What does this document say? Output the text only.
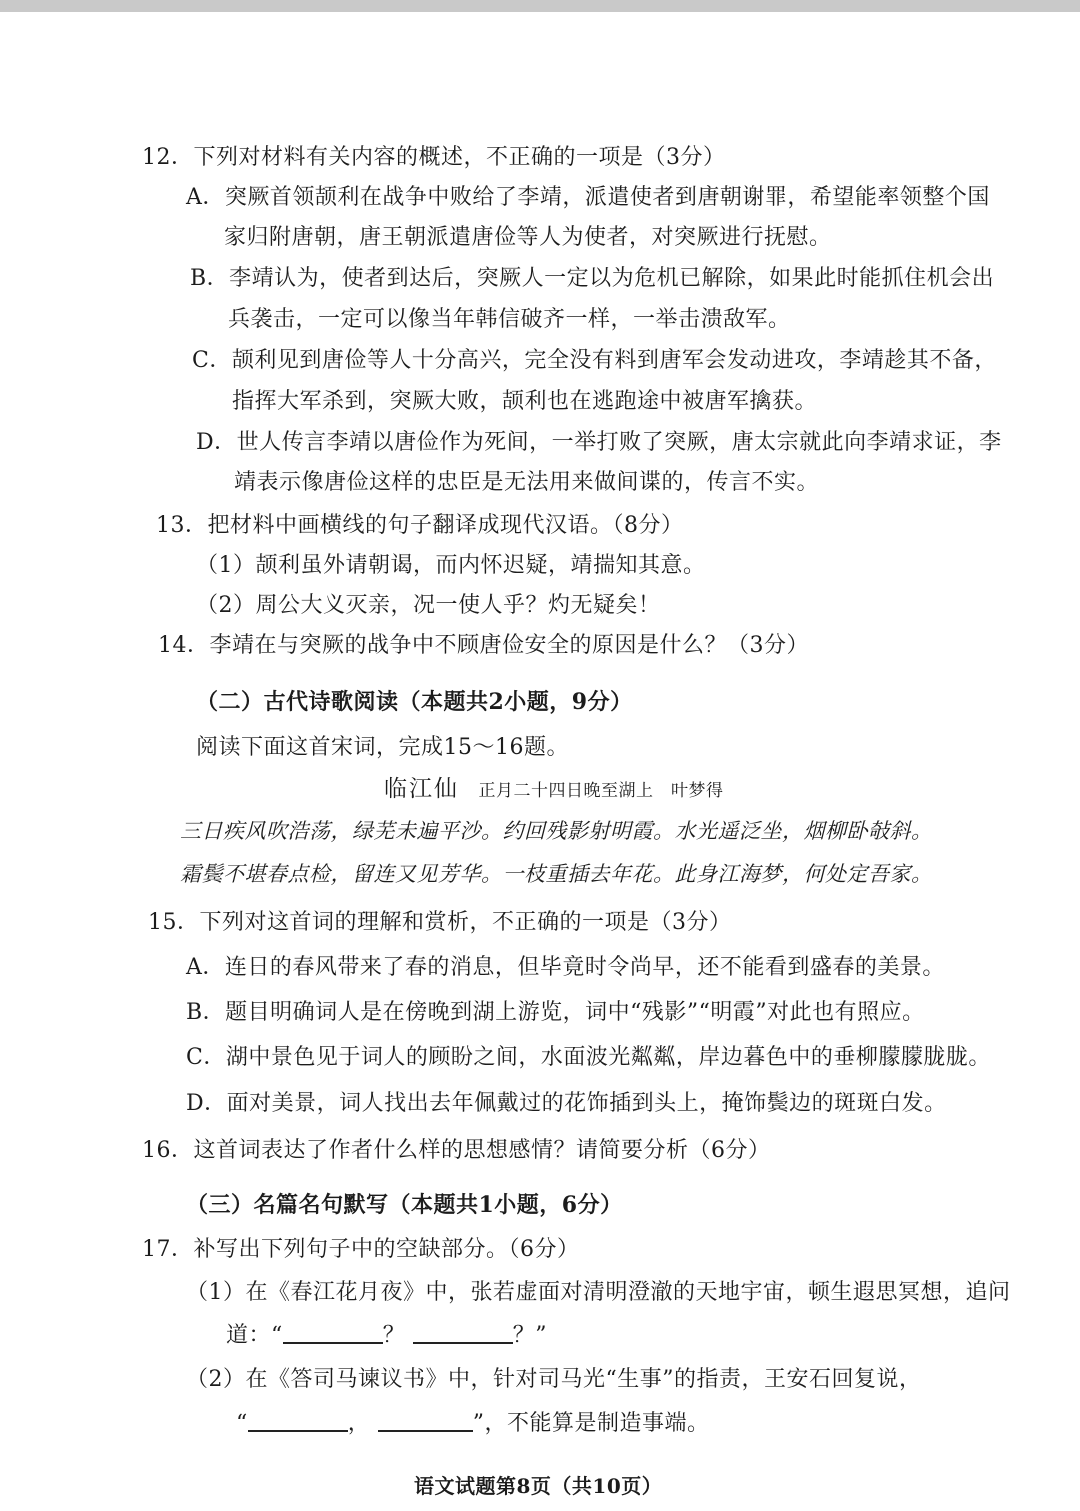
12．下列对材料有关内容的概述，不正确的一项是（3分）
A．突厥首领颉利在战争中败给了李靖，派遣使者到唐朝谢罪，希望能率领整个国
家归附唐朝，唐王朝派遣唐俭等人为使者，对突厥进行抚慰。
B．李靖认为，使者到达后，突厥人一定以为危机已解除，如果此时能抓住机会出
兵袭击，一定可以像当年韩信破齐一样，一举击溃敌军。
C．颉利见到唐俭等人十分高兴，完全没有料到唐军会发动进攻，李靖趁其不备，
指挥大军杀到，突厥大败，颉利也在逃跑途中被唐军擒获。
D．世人传言李靖以唐俭作为死间，一举打败了突厥，唐太宗就此向李靖求证，李
靖表示像唐俭这样的忠臣是无法用来做间谍的，传言不实。
13．把材料中画横线的句子翻译成现代汉语。（8分）
（1）颉利虽外请朝谒，而内怀迟疑，靖揣知其意。
（2）周公大义灭亲，况一使人乎？灼无疑矣！
14．李靖在与突厥的战争中不顾唐俭安全的原因是什么？（3分）
（二）古代诗歌阅读（本题共2小题，9分）
阅读下面这首宋词，完成15～16题。
临江仙 正月二十四日晚至湖上　叶梦得
三日疾风吹浩荡，绿芜未遍平沙。约回残影射明霞。水光遥泛坐，烟柳卧敧斜。
霜鬓不堪春点检，留连又见芳华。一枝重插去年花。此身江海梦，何处定吾家。
15．下列对这首词的理解和赏析，不正确的一项是（3分）
A．连日的春风带来了春的消息，但毕竟时令尚早，还不能看到盛春的美景。
B．题目明确词人是在傍晚到湖上游览，词中“残影”“明霞”对此也有照应。
C．湖中景色见于词人的顾盼之间，水面波光粼粼，岸边暮色中的垂柳朦朦胧胧。
D．面对美景，词人找出去年佩戴过的花饰插到头上，掩饰鬓边的斑斑白发。
16．这首词表达了作者什么样的思想感情？请简要分析（6分）
（三）名篇名句默写（本题共1小题，6分）
17．补写出下列句子中的空缺部分。（6分）
（1）在《春江花月夜》中，张若虚面对清明澄澈的天地宇宙，顿生遐思冥想，追问
道：“	？	？”
（2）在《答司马谏议书》中，针对司马光“生事”的指责，王安石回复说，
“	，	”，不能算是制造事端。
语文试题第8页（共10页）
